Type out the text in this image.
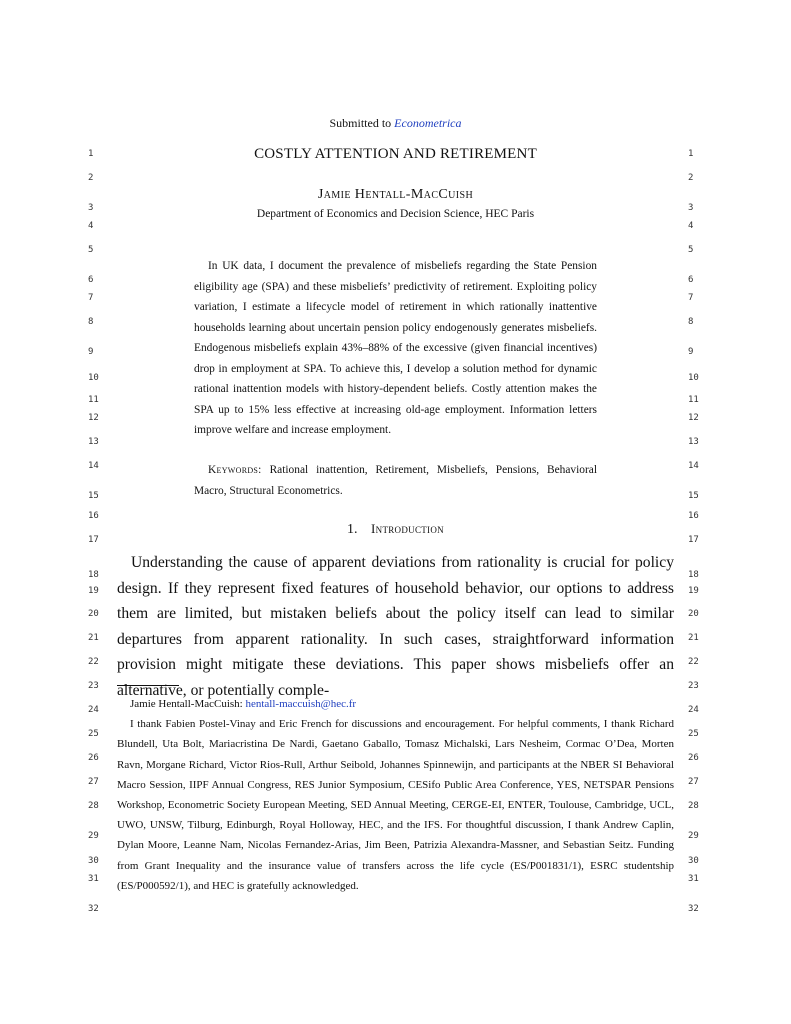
Submitted to Econometrica
COSTLY ATTENTION AND RETIREMENT
Jamie Hentall-MacCuish
Department of Economics and Decision Science, HEC Paris
In UK data, I document the prevalence of misbeliefs regarding the State Pension eligibility age (SPA) and these misbeliefs’ predictivity of retirement. Exploiting policy variation, I estimate a lifecycle model of retirement in which rationally inattentive households learning about uncertain pension policy endogenously generates misbeliefs. Endogenous misbeliefs explain 43%–88% of the excessive (given financial incentives) drop in employment at SPA. To achieve this, I develop a solution method for dynamic rational inattention models with history-dependent beliefs. Costly attention makes the SPA up to 15% less effective at increasing old-age employment. Information letters improve welfare and increase employment.
Keywords: Rational inattention, Retirement, Misbeliefs, Pensions, Behavioral Macro, Structural Econometrics.
1. Introduction
Understanding the cause of apparent deviations from rationality is crucial for policy design. If they represent fixed features of household behavior, our options to address them are limited, but mistaken beliefs about the policy itself can lead to similar departures from apparent rationality. In such cases, straightforward information provision might mitigate these deviations. This paper shows misbeliefs offer an alternative, or potentially comple-

Jamie Hentall-MacCuish: hentall-maccuish@hec.fr

I thank Fabien Postel-Vinay and Eric French for discussions and encouragement. For helpful comments, I thank Richard Blundell, Uta Bolt, Mariacristina De Nardi, Gaetano Gaballo, Tomasz Michalski, Lars Nesheim, Cormac O’Dea, Morten Ravn, Morgane Richard, Victor Rios-Rull, Arthur Seibold, Johannes Spinnewijn, and participants at the NBER SI Behavioral Macro Session, IIPF Annual Congress, RES Junior Symposium, CESifo Public Area Conference, YES, NETSPAR Pensions Workshop, Econometric Society European Meeting, SED Annual Meeting, CERGE-EI, ENTER, Toulouse, Cambridge, UCL, UWO, UNSW, Tilburg, Edinburgh, Royal Holloway, HEC, and the IFS. For thoughtful discussion, I thank Andrew Caplin, Dylan Moore, Leanne Nam, Nicolas Fernandez-Arias, Jim Been, Patrizia Alexandra-Massner, and Sebastian Seitz. Funding from Grant Inequality and the insurance value of transfers across the life cycle (ES/P001831/1), ESRC studentship (ES/P000592/1), and HEC is gratefully acknowledged.

1
2
3
4
5
6
7
8
9
10
11
12
13
14
15
16
17
18
19
20
21
22
23
24
25
26
27
28
29
30
31
32
1
2
3
4
5
6
7
8
9
10
11
12
13
14
15
16
17
18
19
20
21
22
23
24
25
26
27
28
29
30
31
32
